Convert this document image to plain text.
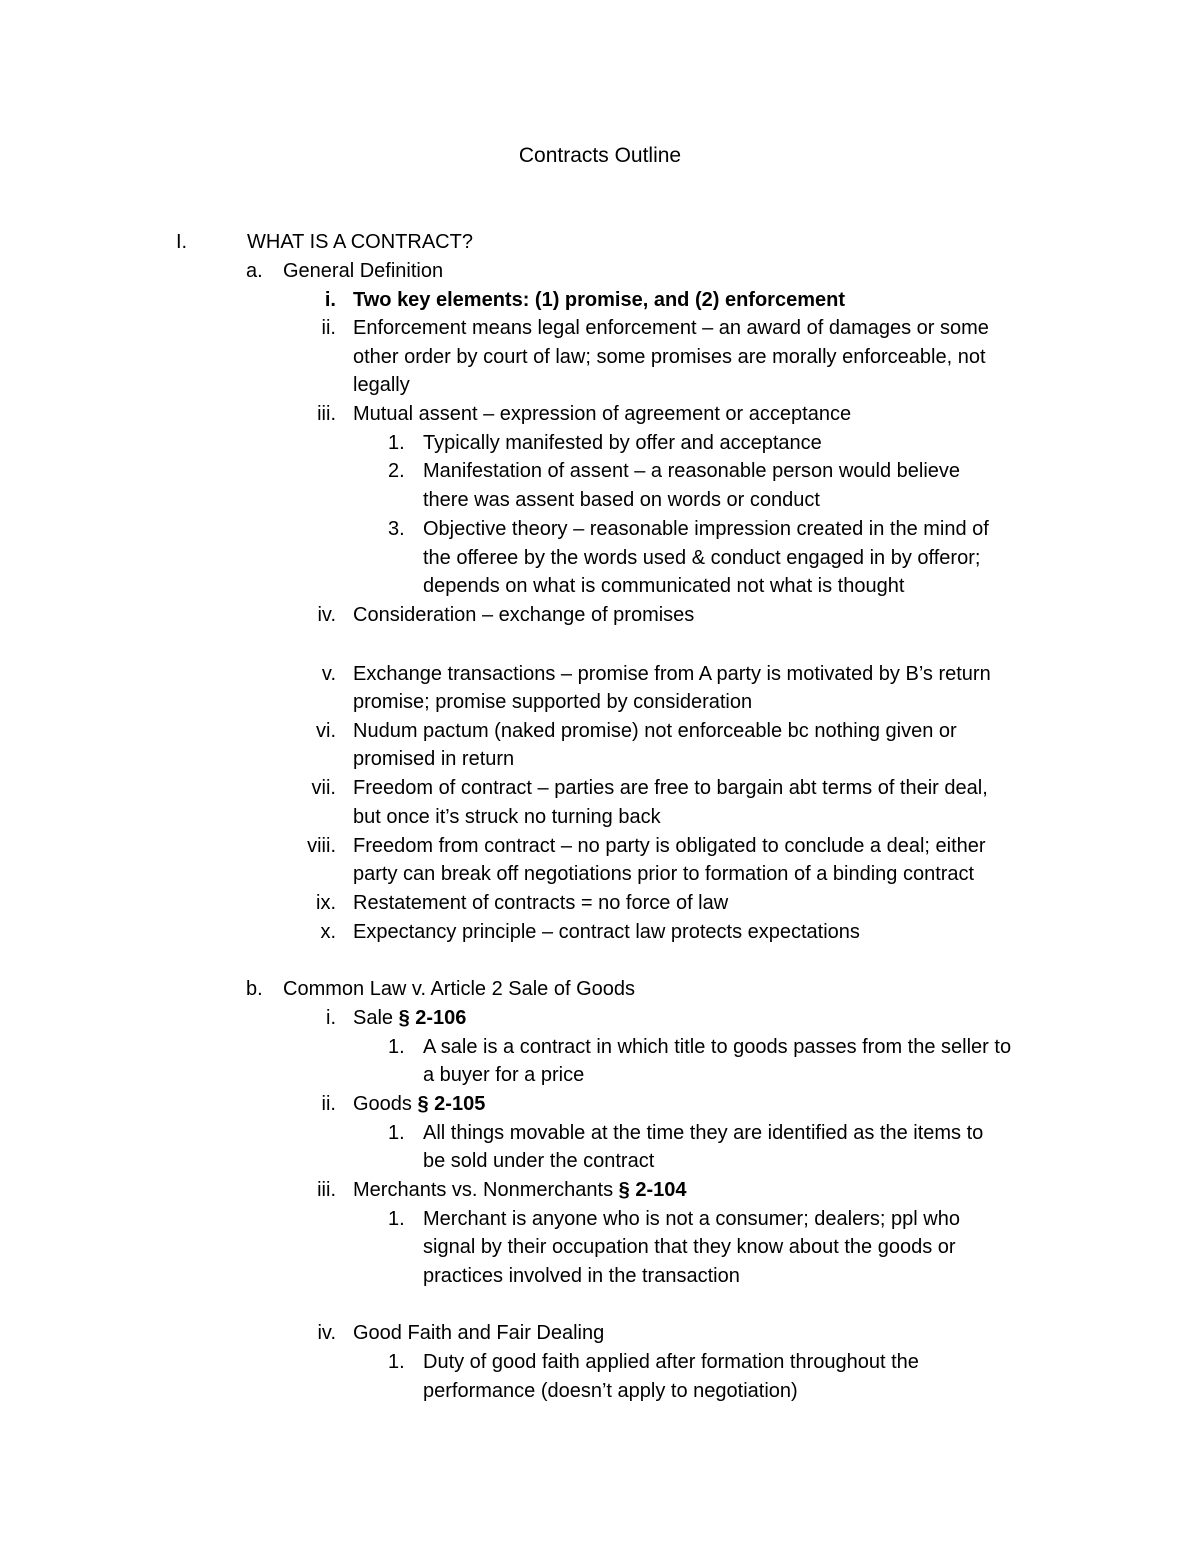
Contracts Outline
I.	WHAT IS A CONTRACT?
a. General Definition
i. Two key elements: (1) promise, and (2) enforcement
ii. Enforcement means legal enforcement – an award of damages or some
other order by court of law; some promises are morally enforceable, not
legally
iii. Mutual assent – expression of agreement or acceptance
1. Typically manifested by offer and acceptance
2. Manifestation of assent – a reasonable person would believe
there was assent based on words or conduct
3. Objective theory – reasonable impression created in the mind of
the offeree by the words used & conduct engaged in by offeror;
depends on what is communicated not what is thought
iv. Consideration – exchange of promises
v. Exchange transactions – promise from A party is motivated by B’s return
promise; promise supported by consideration
vi. Nudum pactum (naked promise) not enforceable bc nothing given or
promised in return
vii. Freedom of contract – parties are free to bargain abt terms of their deal,
but once it’s struck no turning back
viii. Freedom from contract – no party is obligated to conclude a deal; either
party can break off negotiations prior to formation of a binding contract
ix. Restatement of contracts = no force of law
x. Expectancy principle – contract law protects expectations
b. Common Law v. Article 2 Sale of Goods
i. Sale § 2-106
1. A sale is a contract in which title to goods passes from the seller to
a buyer for a price
ii. Goods § 2-105
1. All things movable at the time they are identified as the items to
be sold under the contract
iii. Merchants vs. Nonmerchants § 2-104
1. Merchant is anyone who is not a consumer; dealers; ppl who
signal by their occupation that they know about the goods or
practices involved in the transaction
iv. Good Faith and Fair Dealing
1. Duty of good faith applied after formation throughout the
performance (doesn’t apply to negotiation)
